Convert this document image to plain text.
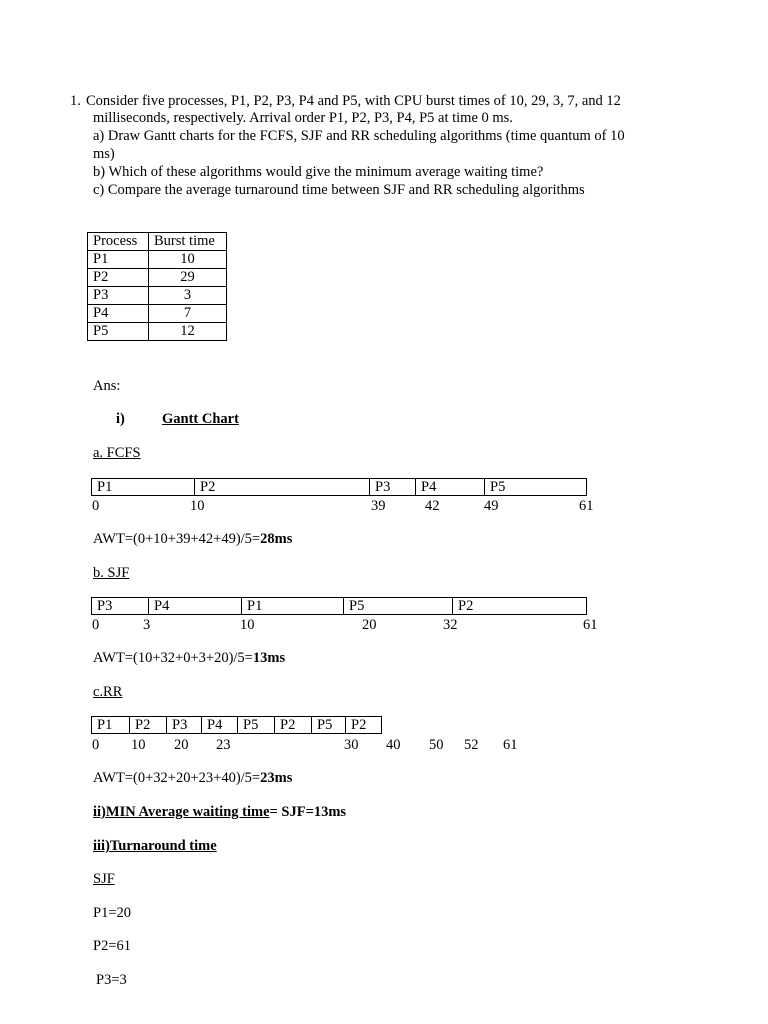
1. Consider five processes, P1, P2, P3, P4 and P5, with CPU burst times of 10, 29, 3, 7, and 12
milliseconds, respectively. Arrival order P1, P2, P3, P4, P5 at time 0 ms.
a) Draw Gantt charts for the FCFS, SJF and RR scheduling algorithms (time quantum of 10
ms)
b) Which of these algorithms would give the minimum average waiting time?
c) Compare the average turnaround time between SJF and RR scheduling algorithms
Process	Burst time
P1	10
P2	29
P3	3
P4	7
P5	12
Ans:
i)	Gantt Chart
a. FCFS
P1	P2	P3	P4	P5
0	10	39	42	49	61
AWT=(0+10+39+42+49)/5=28ms
b. SJF
P3	P4	P1	P5	P2
0	3	10	20	32	61
AWT=(10+32+0+3+20)/5=13ms
c.RR
P1	P2	P3	P4	P5	P2	P5	P2
0 10 20 23	30 40 50 52 61
AWT=(0+32+20+23+40)/5=23ms
ii)MIN Average waiting time= SJF=13ms
iii)Turnaround time
SJF
P1=20
P2=61
P3=3
